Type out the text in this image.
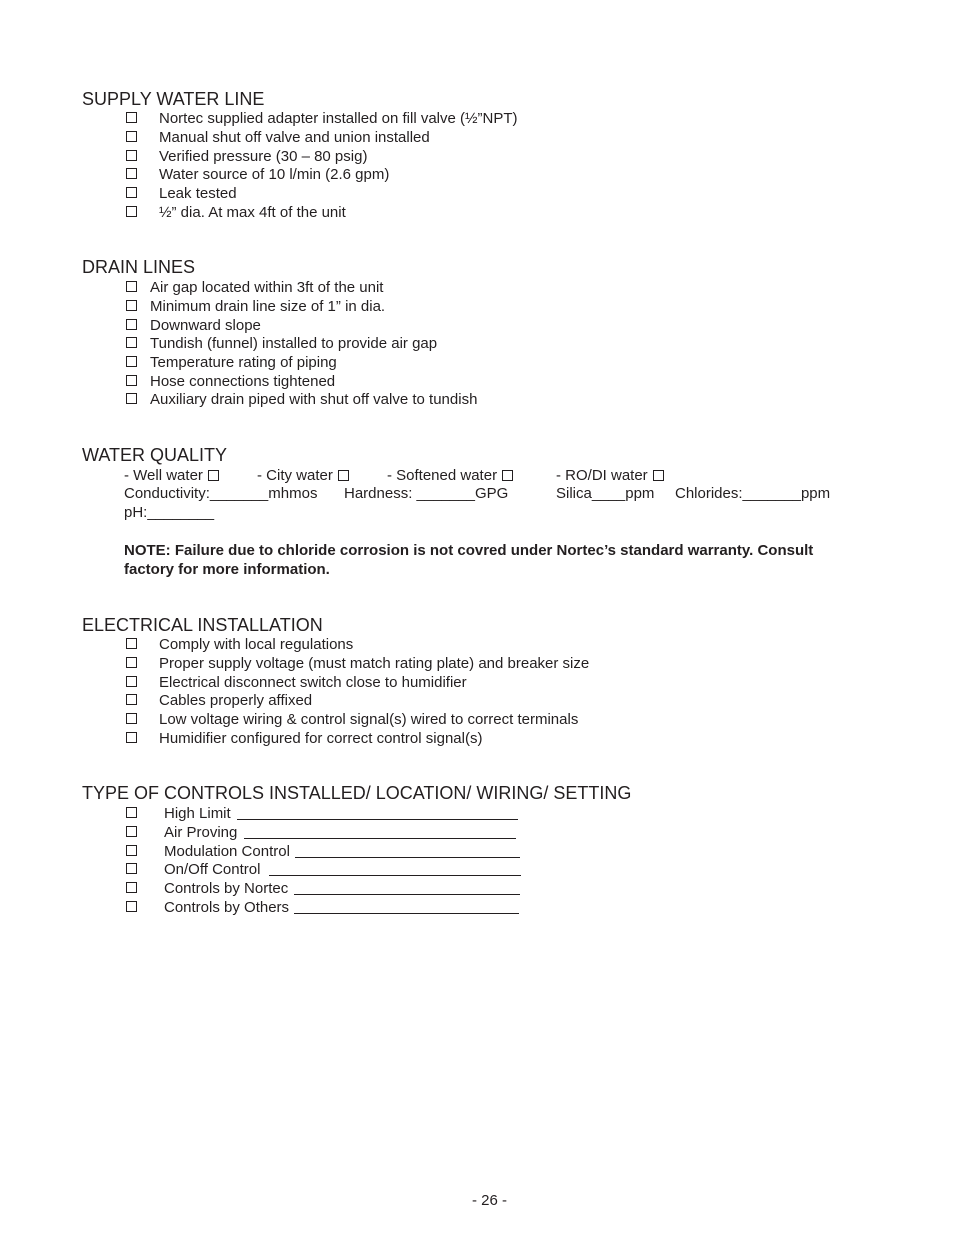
SUPPLY WATER LINE
Nortec supplied adapter installed on fill valve (½”NPT)
Manual shut off valve and union installed
Verified pressure (30 – 80 psig)
Water source of 10 l/min (2.6 gpm)
Leak tested
½” dia. At max 4ft of the unit
DRAIN LINES
Air gap located within 3ft of the unit
Minimum drain line size of 1” in dia.
Downward slope
Tundish (funnel) installed to provide air gap
Temperature rating of piping
Hose connections tightened
Auxiliary drain piped with shut off valve to tundish
WATER QUALITY
- Well water	- City water	- Softened water	- RO/DI water
Conductivity:_______mhmos Hardness: _______GPG	Silica____ppm Chlorides:_______ppm
pH:________
NOTE: Failure due to chloride corrosion is not covred under Nortec’s standard warranty. Consult
factory for more information.
ELECTRICAL INSTALLATION
Comply with local regulations
Proper supply voltage (must match rating plate) and breaker size
Electrical disconnect switch close to humidifier
Cables properly affixed
Low voltage wiring & control signal(s) wired to correct terminals
Humidifier configured for correct control signal(s)
TYPE OF CONTROLS INSTALLED/ LOCATION/ WIRING/ SETTING
High Limit
Air Proving
Modulation Control
On/Off Control
Controls by Nortec
Controls by Others
- 26 -
